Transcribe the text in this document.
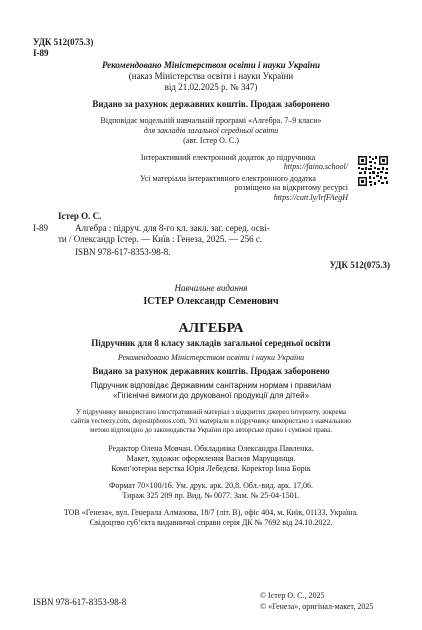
УДК 512(075.3)
І-89
Рекомендовано Міністерством освіти і науки України
(наказ Міністерства освіти і науки України
від 21.02.2025 р. № 347)
Видано за рахунок державних коштів. Продаж заборонено
Відповідає модельній навчальній програмі «Алгебра. 7–9 класи»
для закладів загальної середньої освіти
(авт. Істер О. С.)
Інтерактивний електронний додаток до підручника
https://faino.school/
Усі матеріали інтерактивного електронного додатка
розміщено на відкритому ресурсі
https://cutt.ly/lrfFAegH
Істер О. С.
І-89	Алгебра : підруч. для 8-го кл. закл. заг. серед. осві-
ти / Олександр Істер. — Київ : Генеза, 2025. — 256 с.
ISBN 978-617-8353-98-8.
УДК 512(075.3)
Навчальне видання
ІСТЕР Олександр Семенович
АЛГЕБРА
Підручник для 8 класу закладів загальної середньої освіти
Рекомендовано Міністерством освіти і науки України
Видано за рахунок державних коштів. Продаж заборонено
Підручник відповідає Державним санітарним нормам і правилам
«Гігієнічні вимоги до друкованої продукції для дітей»
У підручнику використано ілюстративний матеріал з відкритих джерел інтернету, зокрема
сайтів vecteezy.com, depositphotos.com. Усі матеріали в підручнику використано з навчальною
метою відповідно до законодавства України про авторське право і суміжні права.
Редактор Олена Мовчан. Обкладинка Олександра Павленка.
Макет, художнє оформлення Василя Марущинця.
Комп’ютерна верстка Юрія Лебедєва. Коректор Інна Борік
Формат 70×100/16. Ум. друк. арк. 20,8. Обл.-вид. арк. 17,06.
Тираж 325 209 пр. Вид. № 0077. Зам. № 25-04-1501.
ТОВ «Генеза», вул. Генерала Алмазова, 18/7 (літ. В), офіс 404, м. Київ, 01133, Україна.
Свідоцтво суб’єкта видавничої справи серія ДК № 7692 від 24.10.2022.
ISBN 978-617-8353-98-8
© Істер О. С., 2025
© «Генеза», оригінал-макет, 2025
